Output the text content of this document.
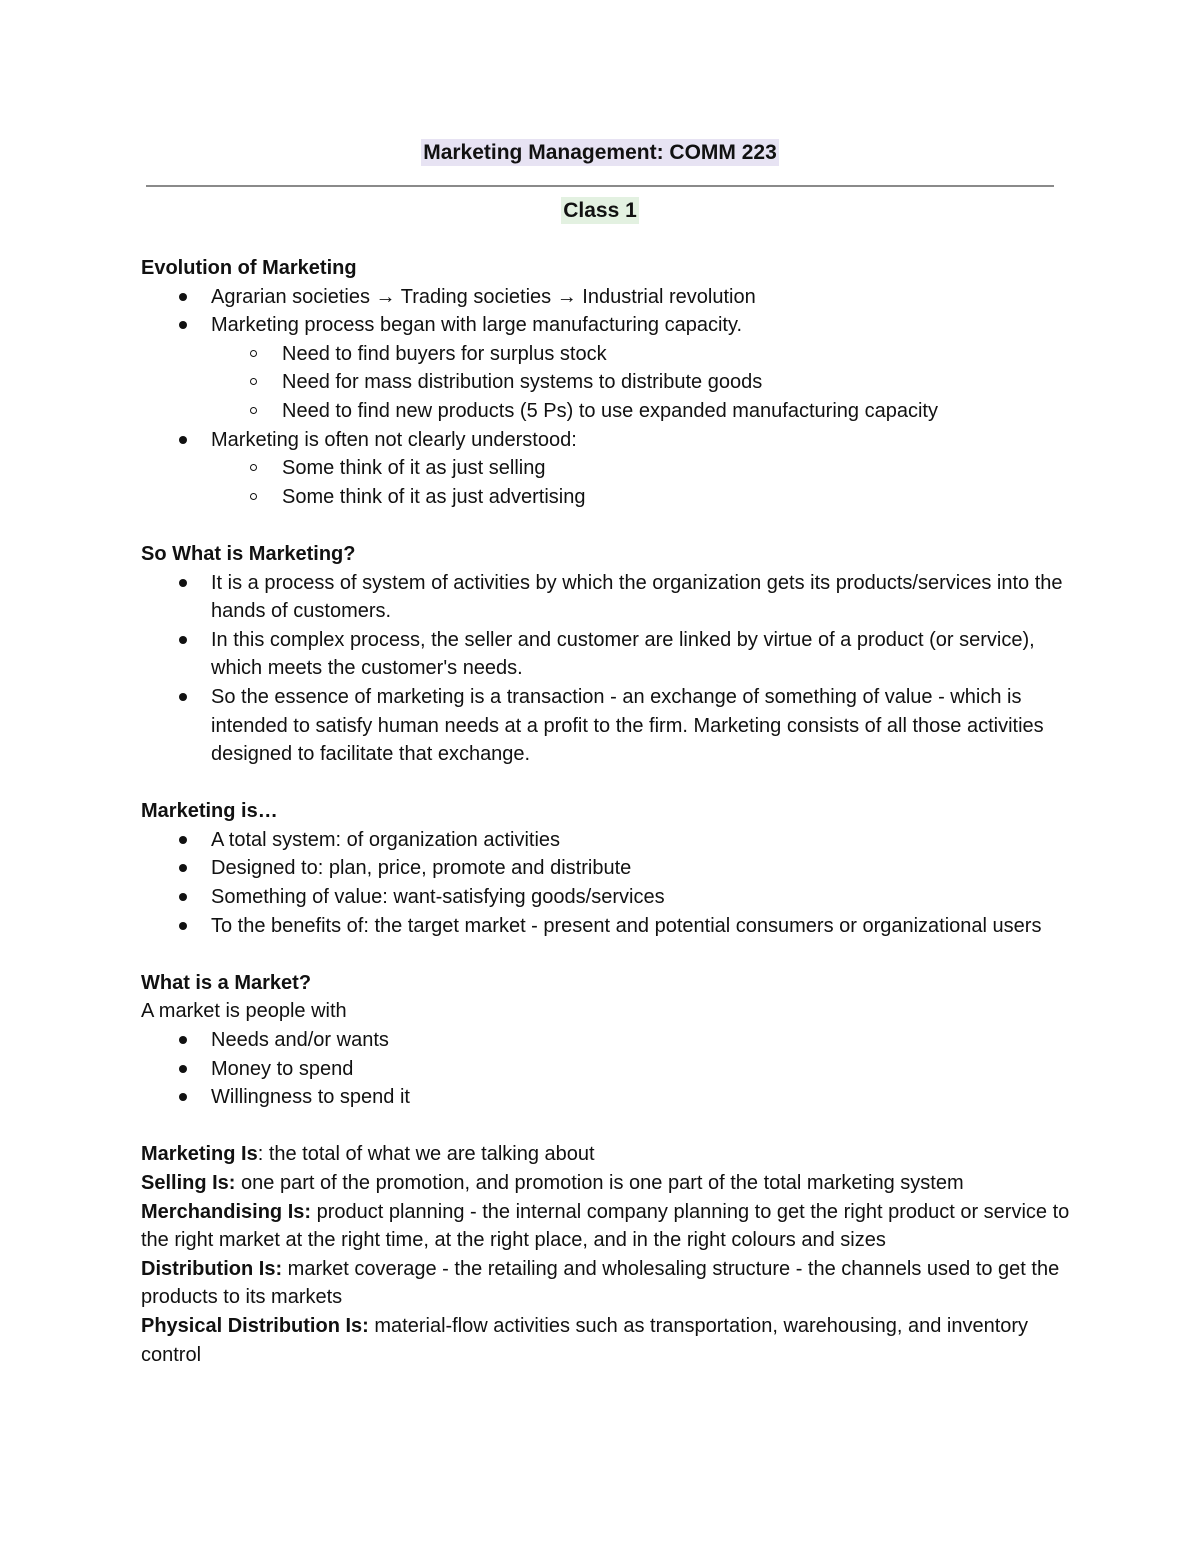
Marketing Management: COMM 223
Class 1

Evolution of Marketing

Agrarian societies → Trading societies → Industrial revolution
Marketing process began with large manufacturing capacity.
Need to find buyers for surplus stock
Need for mass distribution systems to distribute goods
Need to find new products (5 Ps) to use expanded manufacturing capacity
Marketing is often not clearly understood:
Some think of it as just selling
Some think of it as just advertising

So What is Marketing?

It is a process of system of activities by which the organization gets its products/services into the hands of customers.
In this complex process, the seller and customer are linked by virtue of a product (or service), which meets the customer's needs.
So the essence of marketing is a transaction - an exchange of something of value - which is intended to satisfy human needs at a profit to the firm. Marketing consists of all those activities designed to facilitate that exchange.

Marketing is…

A total system: of organization activities
Designed to: plan, price, promote and distribute
Something of value: want-satisfying goods/services
To the benefits of: the target market - present and potential consumers or organizational users

What is a Market?

A market is people with

Needs and/or wants
Money to spend
Willingness to spend it

Marketing Is: the total of what we are talking about

Selling Is: one part of the promotion, and promotion is one part of the total marketing system

Merchandising Is: product planning - the internal company planning to get the right product or service to the right market at the right time, at the right place, and in the right colours and sizes

Distribution Is: market coverage - the retailing and wholesaling structure - the channels used to get the products to its markets

Physical Distribution Is: material-flow activities such as transportation, warehousing, and inventory control
